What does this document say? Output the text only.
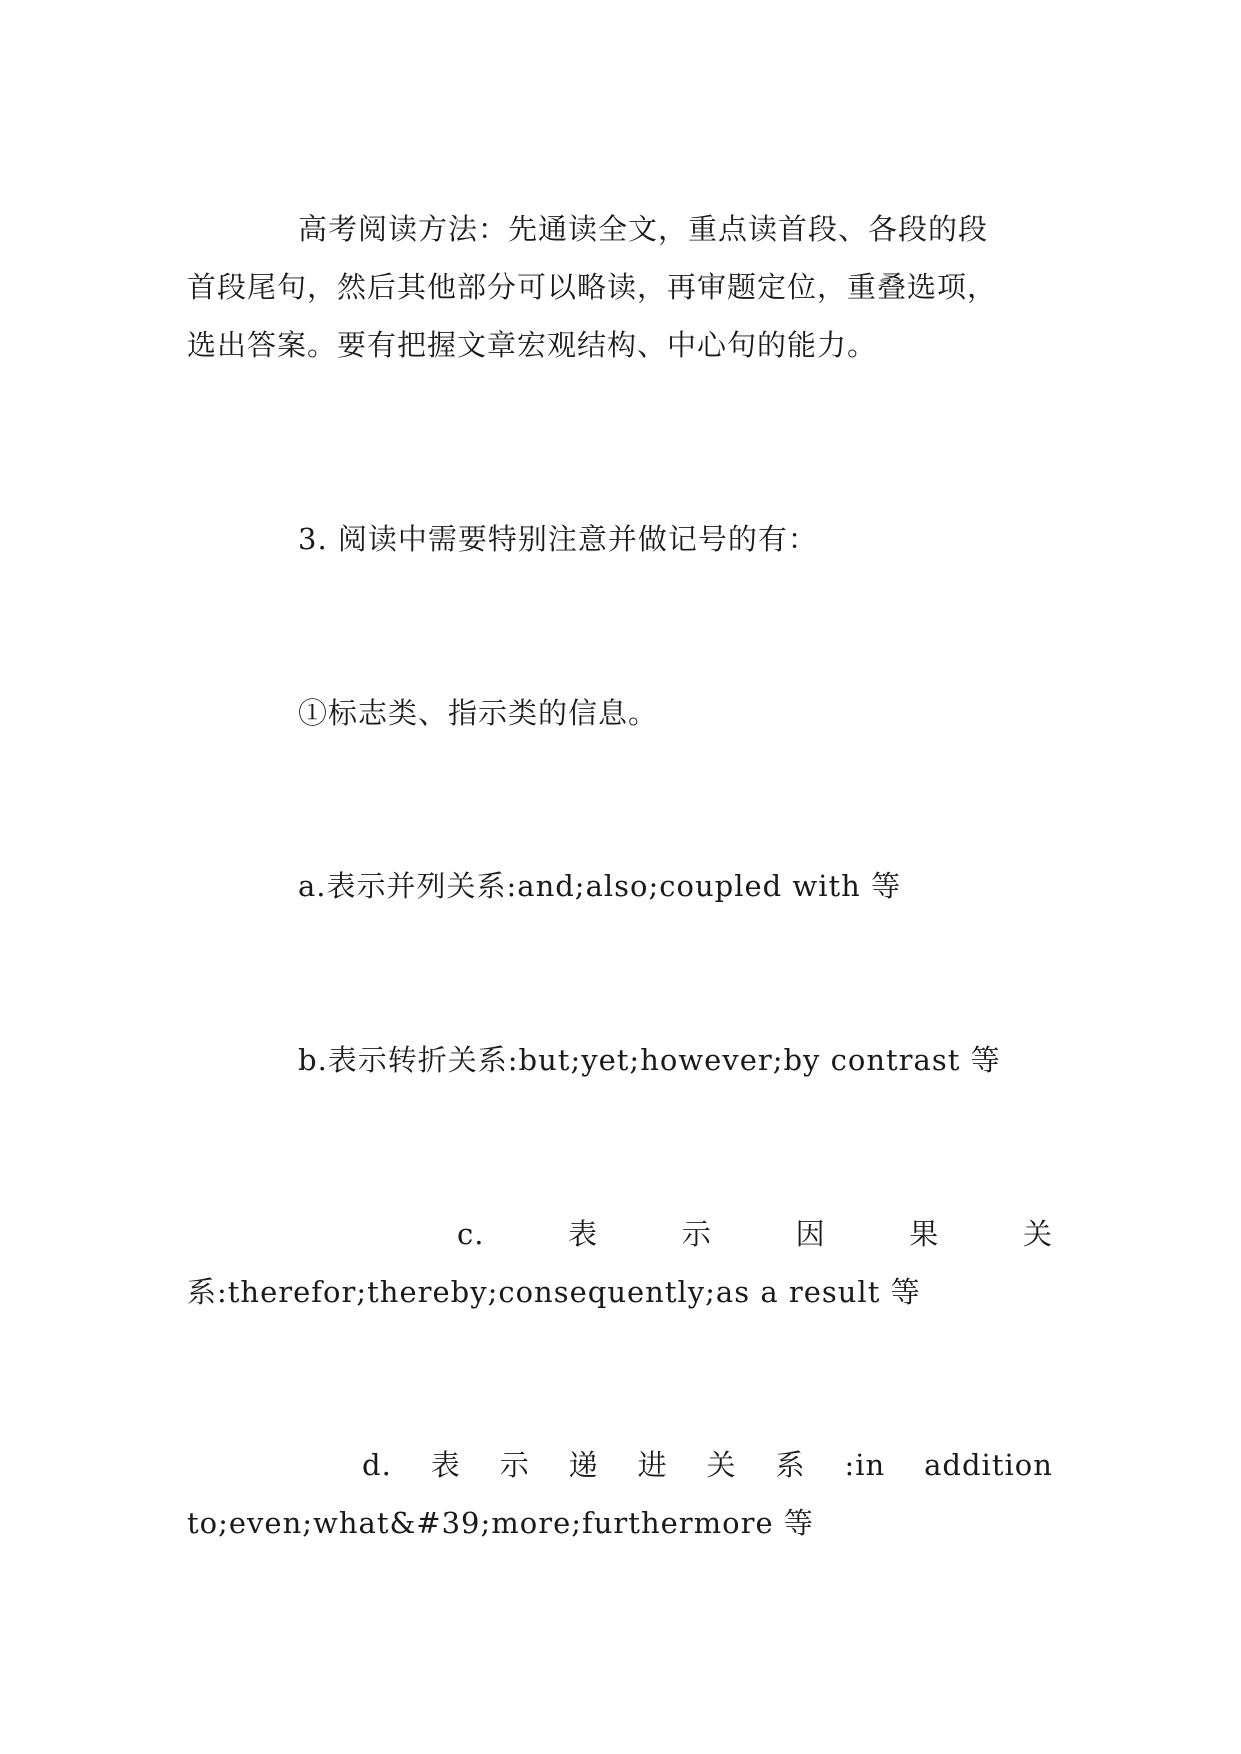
高考阅读方法：先通读全文，重点读首段、各段的段
首段尾句，然后其他部分可以略读，再审题定位，重叠选项，
选出答案。要有把握文章宏观结构、中心句的能力。

3. 阅读中需要特别注意并做记号的有：

①标志类、指示类的信息。

a.表示并列关系:and;also;coupled with 等

b.表示转折关系:but;yet;however;by contrast 等

c.	表	示	因	果	关
系:therefor;thereby;consequently;as a result 等
d. 表 示 递 进 关 系 :in addition
to;even;what&#39;more;furthermore 等
